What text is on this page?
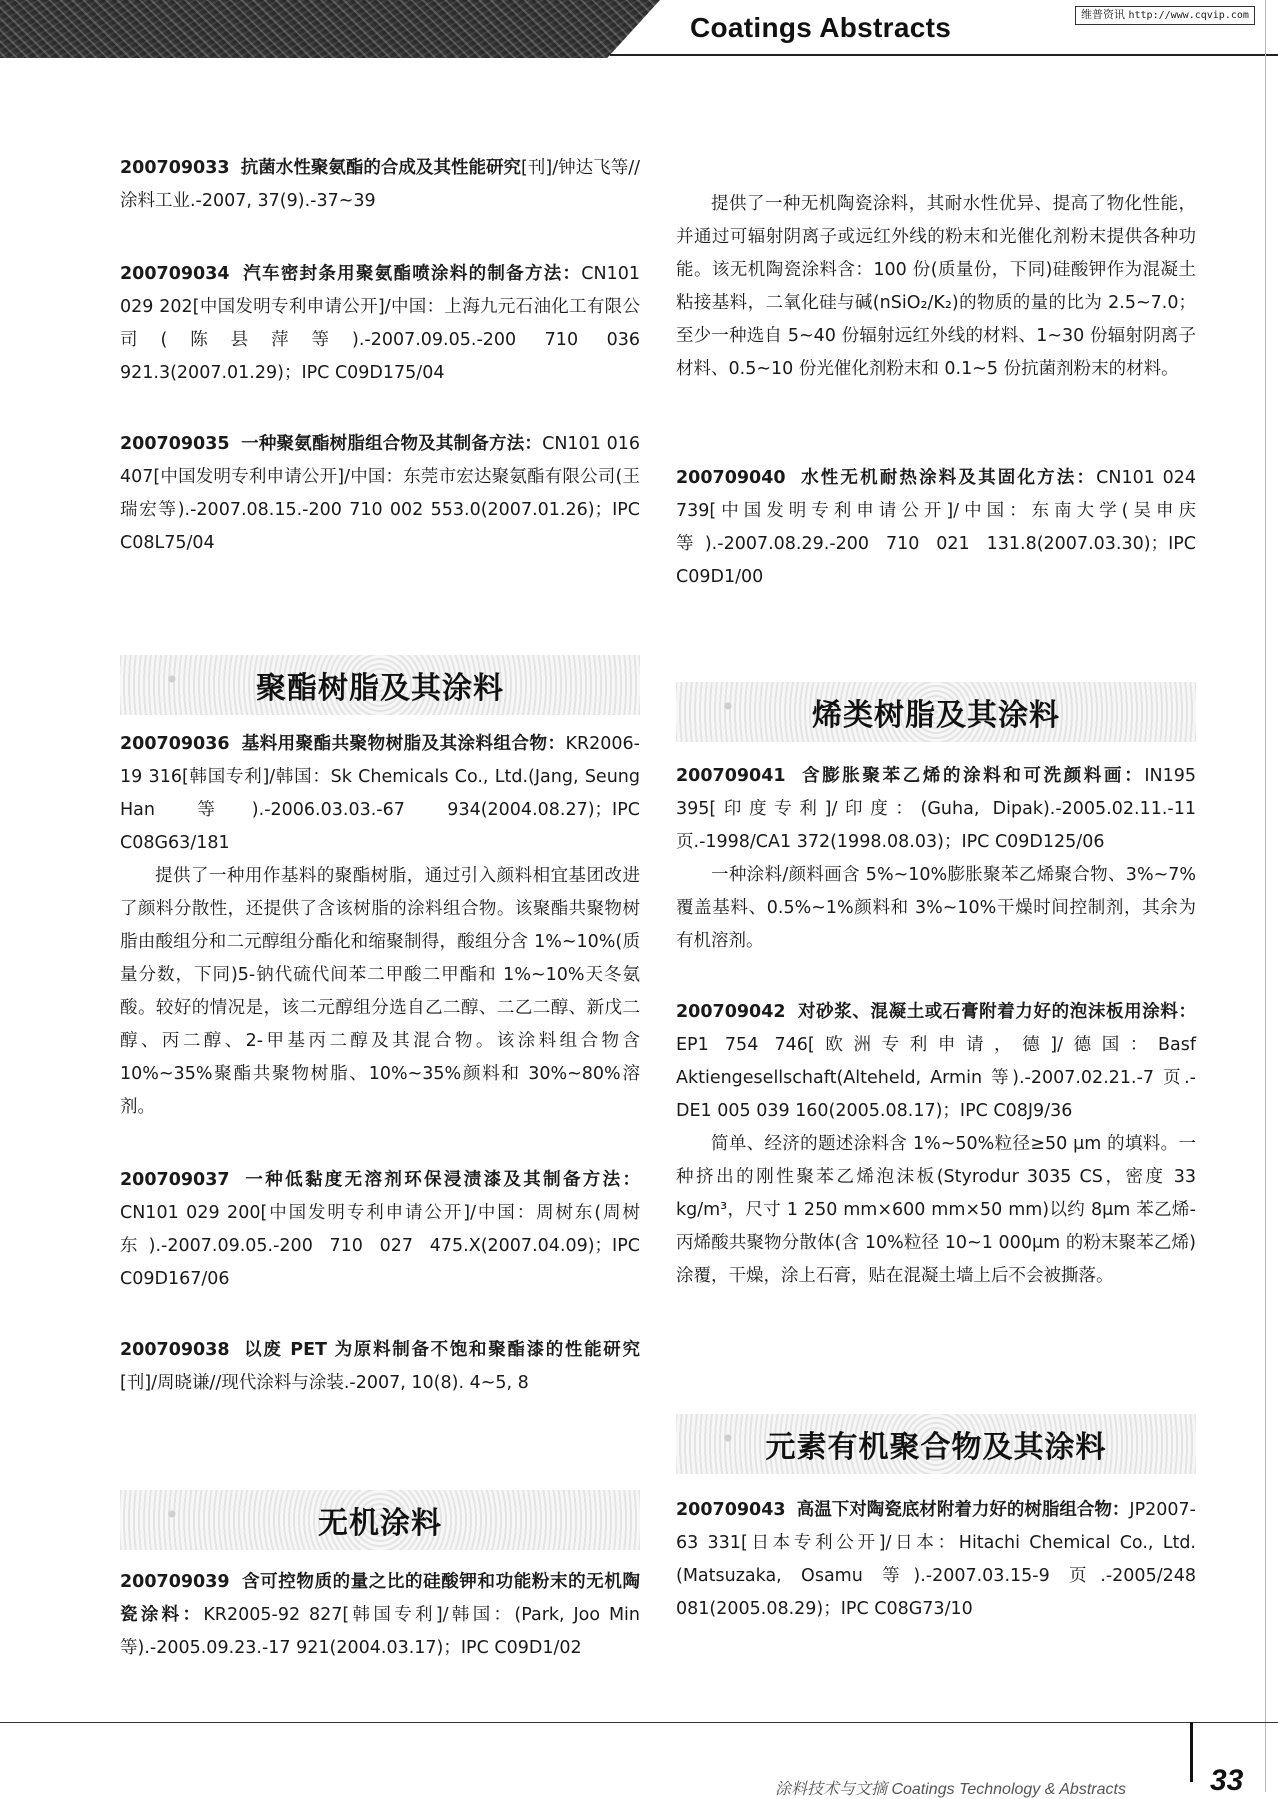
Coatings Abstracts	维普资讯 http://www.cqvip.com
200709033 抗菌水性聚氨酯的合成及其性能研究[刊]/钟达飞等//涂料工业.-2007, 37(9).-37~39
200709034 汽车密封条用聚氨酯喷涂料的制备方法：CN101 029 202[中国发明专利申请公开]/中国：上海九元石油化工有限公司(陈县萍等).-2007.09.05.-200 710 036 921.3(2007.01.29)；IPC C09D175/04
200709035 一种聚氨酯树脂组合物及其制备方法：CN101 016 407[中国发明专利申请公开]/中国：东莞市宏达聚氨酯有限公司(王瑞宏等).-2007.08.15.-200 710 002 553.0(2007.01.26)；IPC C08L75/04
聚酯树脂及其涂料
200709036 基料用聚酯共聚物树脂及其涂料组合物：KR2006-19 316[韩国专利]/韩国：Sk Chemicals Co., Ltd.(Jang, Seung Han 等).-2006.03.03.-67 934(2004.08.27)；IPC C08G63/181

提供了一种用作基料的聚酯树脂，通过引入颜料相宜基团改进了颜料分散性，还提供了含该树脂的涂料组合物。该聚酯共聚物树脂由酸组分和二元醇组分酯化和缩聚制得，酸组分含 1%~10%(质量分数，下同)5-钠代硫代间苯二甲酸二甲酯和 1%~10%天冬氨酸。较好的情况是，该二元醇组分选自乙二醇、二乙二醇、新戊二醇、丙二醇、2-甲基丙二醇及其混合物。该涂料组合物含 10%~35%聚酯共聚物树脂、10%~35%颜料和 30%~80%溶剂。

200709037 一种低黏度无溶剂环保浸渍漆及其制备方法：CN101 029 200[中国发明专利申请公开]/中国：周树东(周树东).-2007.09.05.-200 710 027 475.X(2007.04.09)；IPC C09D167/06
200709038 以废 PET 为原料制备不饱和聚酯漆的性能研究[刊]/周晓谦//现代涂料与涂装.-2007, 10(8). 4~5, 8
无机涂料
200709039 含可控物质的量之比的硅酸钾和功能粉末的无机陶瓷涂料：KR2005-92 827[韩国专利]/韩国：(Park, Joo Min 等).-2005.09.23.-17 921(2004.03.17)；IPC C09D1/02

提供了一种无机陶瓷涂料，其耐水性优异、提高了物化性能，并通过可辐射阴离子或远红外线的粉末和光催化剂粉末提供各种功能。该无机陶瓷涂料含：100 份(质量份，下同)硅酸钾作为混凝土粘接基料，二氧化硅与碱(nSiO₂/K₂)的物质的量的比为 2.5~7.0；至少一种选自 5~40 份辐射远红外线的材料、1~30 份辐射阴离子材料、0.5~10 份光催化剂粉末和 0.1~5 份抗菌剂粉末的材料。

200709040 水性无机耐热涂料及其固化方法：CN101 024 739[中国发明专利申请公开]/中国：东南大学(吴申庆等).-2007.08.29.-200 710 021 131.8(2007.03.30)；IPC C09D1/00
烯类树脂及其涂料
200709041 含膨胀聚苯乙烯的涂料和可洗颜料画：IN195 395[印度专利]/印度：(Guha, Dipak).-2005.02.11.-11 页.-1998/CA1 372(1998.08.03)；IPC C09D125/06

一种涂料/颜料画含 5%~10%膨胀聚苯乙烯聚合物、3%~7%覆盖基料、0.5%~1%颜料和 3%~10%干燥时间控制剂，其余为有机溶剂。

200709042 对砂浆、混凝土或石膏附着力好的泡沫板用涂料：EP1 754 746[欧洲专利申请，德]/德国：Basf Aktiengesellschaft(Alteheld, Armin 等).-2007.02.21.-7 页.-DE1 005 039 160(2005.08.17)；IPC C08J9/36

简单、经济的题述涂料含 1%~50%粒径≥50 μm 的填料。一种挤出的刚性聚苯乙烯泡沫板(Styrodur 3035 CS，密度 33 kg/m³，尺寸 1 250 mm×600 mm×50 mm)以约 8μm 苯乙烯-丙烯酸共聚物分散体(含 10%粒径 10~1 000μm 的粉末聚苯乙烯)涂覆，干燥，涂上石膏，贴在混凝土墙上后不会被撕落。

元素有机聚合物及其涂料
200709043 高温下对陶瓷底材附着力好的树脂组合物：JP2007-63 331[日本专利公开]/日本：Hitachi Chemical Co., Ltd.(Matsuzaka, Osamu 等).-2007.03.15-9 页.-2005/248 081(2005.08.29)；IPC C08G73/10
涂料技术与文摘 Coatings Technology & Abstracts	33
